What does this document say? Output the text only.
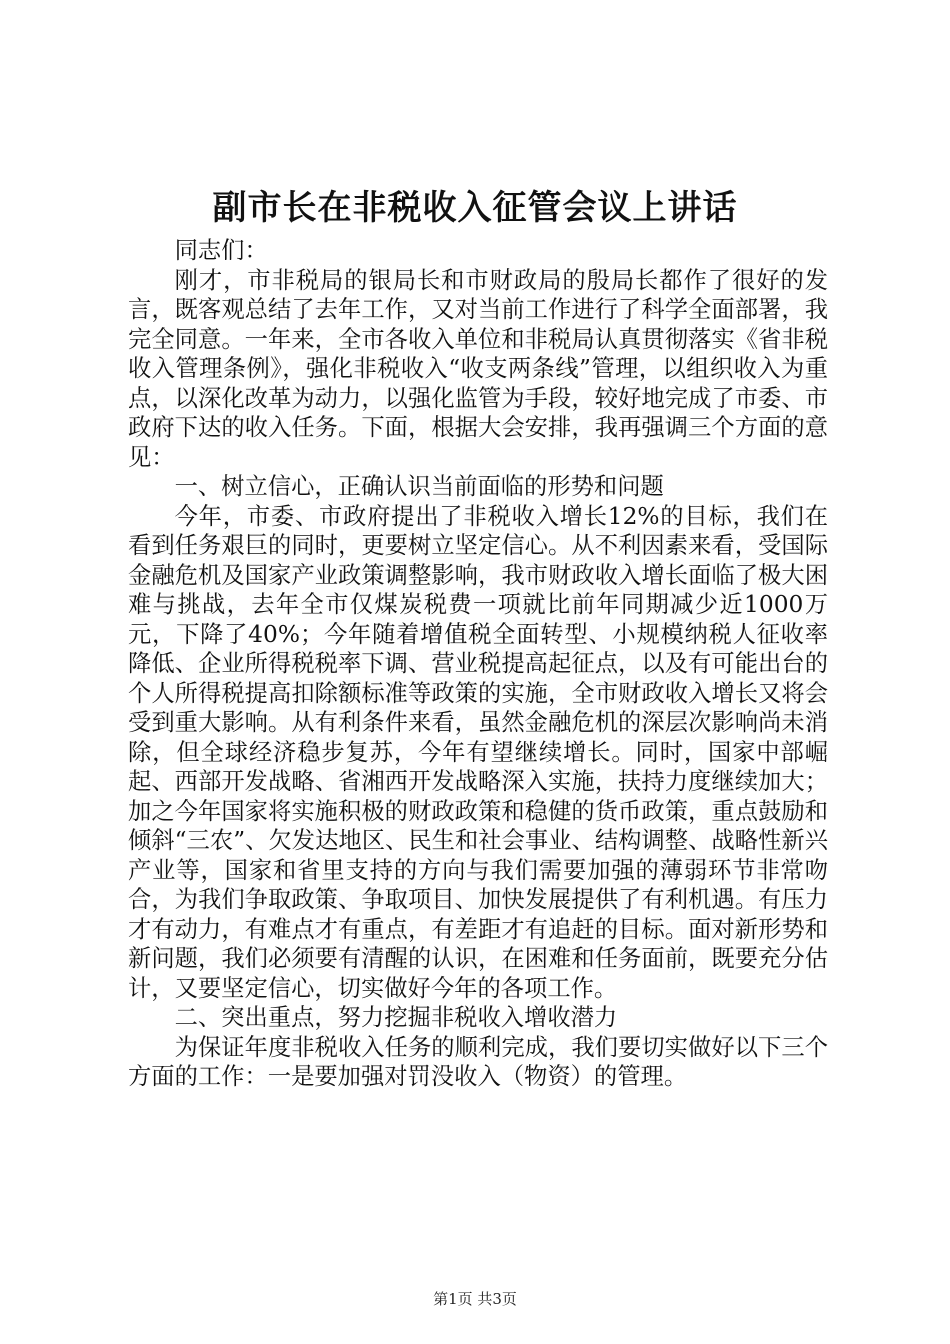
副市长在非税收入征管会议上讲话

同志们：

刚才，市非税局的银局长和市财政局的殷局长都作了很好的发言，既客观总结了去年工作，又对当前工作进行了科学全面部署，我完全同意。一年来，全市各收入单位和非税局认真贯彻落实《省非税收入管理条例》，强化非税收入“收支两条线”管理，以组织收入为重点，以深化改革为动力，以强化监管为手段，较好地完成了市委、市政府下达的收入任务。下面，根据大会安排，我再强调三个方面的意见：

一、树立信心，正确认识当前面临的形势和问题

今年，市委、市政府提出了非税收入增长12%的目标，我们在看到任务艰巨的同时，更要树立坚定信心。从不利因素来看，受国际金融危机及国家产业政策调整影响，我市财政收入增长面临了极大困难与挑战，去年全市仅煤炭税费一项就比前年同期减少近1000万元，下降了40%；今年随着增值税全面转型、小规模纳税人征收率降低、企业所得税税率下调、营业税提高起征点，以及有可能出台的个人所得税提高扣除额标准等政策的实施，全市财政收入增长又将会受到重大影响。从有利条件来看，虽然金融危机的深层次影响尚未消除，但全球经济稳步复苏，今年有望继续增长。同时，国家中部崛起、西部开发战略、省湘西开发战略深入实施，扶持力度继续加大；加之今年国家将实施积极的财政政策和稳健的货币政策，重点鼓励和倾斜“三农”、欠发达地区、民生和社会事业、结构调整、战略性新兴产业等，国家和省里支持的方向与我们需要加强的薄弱环节非常吻合，为我们争取政策、争取项目、加快发展提供了有利机遇。有压力才有动力，有难点才有重点，有差距才有追赶的目标。面对新形势和新问题，我们必须要有清醒的认识，在困难和任务面前，既要充分估计，又要坚定信心，切实做好今年的各项工作。

二、突出重点，努力挖掘非税收入增收潜力

为保证年度非税收入任务的顺利完成，我们要切实做好以下三个方面的工作：一是要加强对罚没收入（物资）的管理。

第1页 共3页
